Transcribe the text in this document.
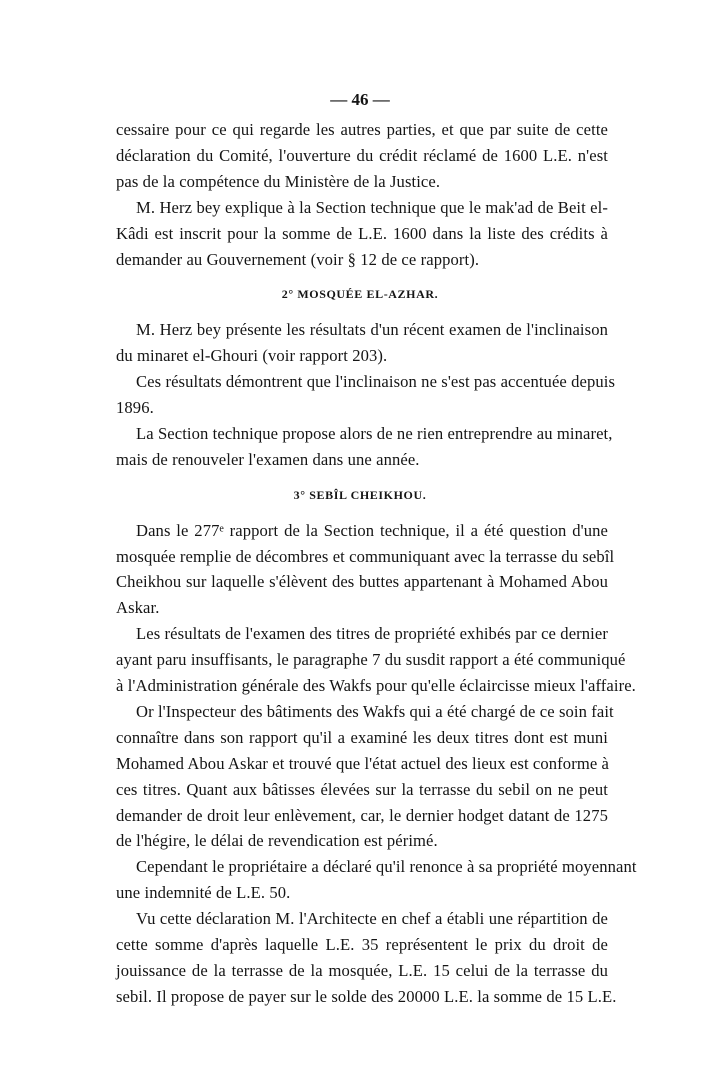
— 46 —
cessaire pour ce qui regarde les autres parties, et que par suite de cette
déclaration du Comité, l'ouverture du crédit réclamé de 1600 L.E. n'est
pas de la compétence du Ministère de la Justice.
M. Herz bey explique à la Section technique que le mak'ad de Beit el-
Kâdi est inscrit pour la somme de L.E. 1600 dans la liste des crédits à
demander au Gouvernement (voir § 12 de ce rapport).
2° MOSQUÉE EL-AZHAR.
M. Herz bey présente les résultats d'un récent examen de l'inclinaison
du minaret el-Ghouri (voir rapport 203).
Ces résultats démontrent que l'inclinaison ne s'est pas accentuée depuis
1896.
La Section technique propose alors de ne rien entreprendre au minaret,
mais de renouveler l'examen dans une année.
3° SEBÎL CHEIKHOU.
Dans le 277ᵉ rapport de la Section technique, il a été question d'une
mosquée remplie de décombres et communiquant avec la terrasse du sebîl
Cheikhou sur laquelle s'élèvent des buttes appartenant à Mohamed Abou
Askar.
Les résultats de l'examen des titres de propriété exhibés par ce dernier
ayant paru insuffisants, le paragraphe 7 du susdit rapport a été communiqué
à l'Administration générale des Wakfs pour qu'elle éclaircisse mieux l'affaire.
Or l'Inspecteur des bâtiments des Wakfs qui a été chargé de ce soin fait
connaître dans son rapport qu'il a examiné les deux titres dont est muni
Mohamed Abou Askar et trouvé que l'état actuel des lieux est conforme à
ces titres. Quant aux bâtisses élevées sur la terrasse du sebil on ne peut
demander de droit leur enlèvement, car, le dernier hodget datant de 1275
de l'hégire, le délai de revendication est périmé.
Cependant le propriétaire a déclaré qu'il renonce à sa propriété moyennant
une indemnité de L.E. 50.
Vu cette déclaration M. l'Architecte en chef a établi une répartition de
cette somme d'après laquelle L.E. 35 représentent le prix du droit de
jouissance de la terrasse de la mosquée, L.E. 15 celui de la terrasse du
sebil. Il propose de payer sur le solde des 20000 L.E. la somme de 15 L.E.
